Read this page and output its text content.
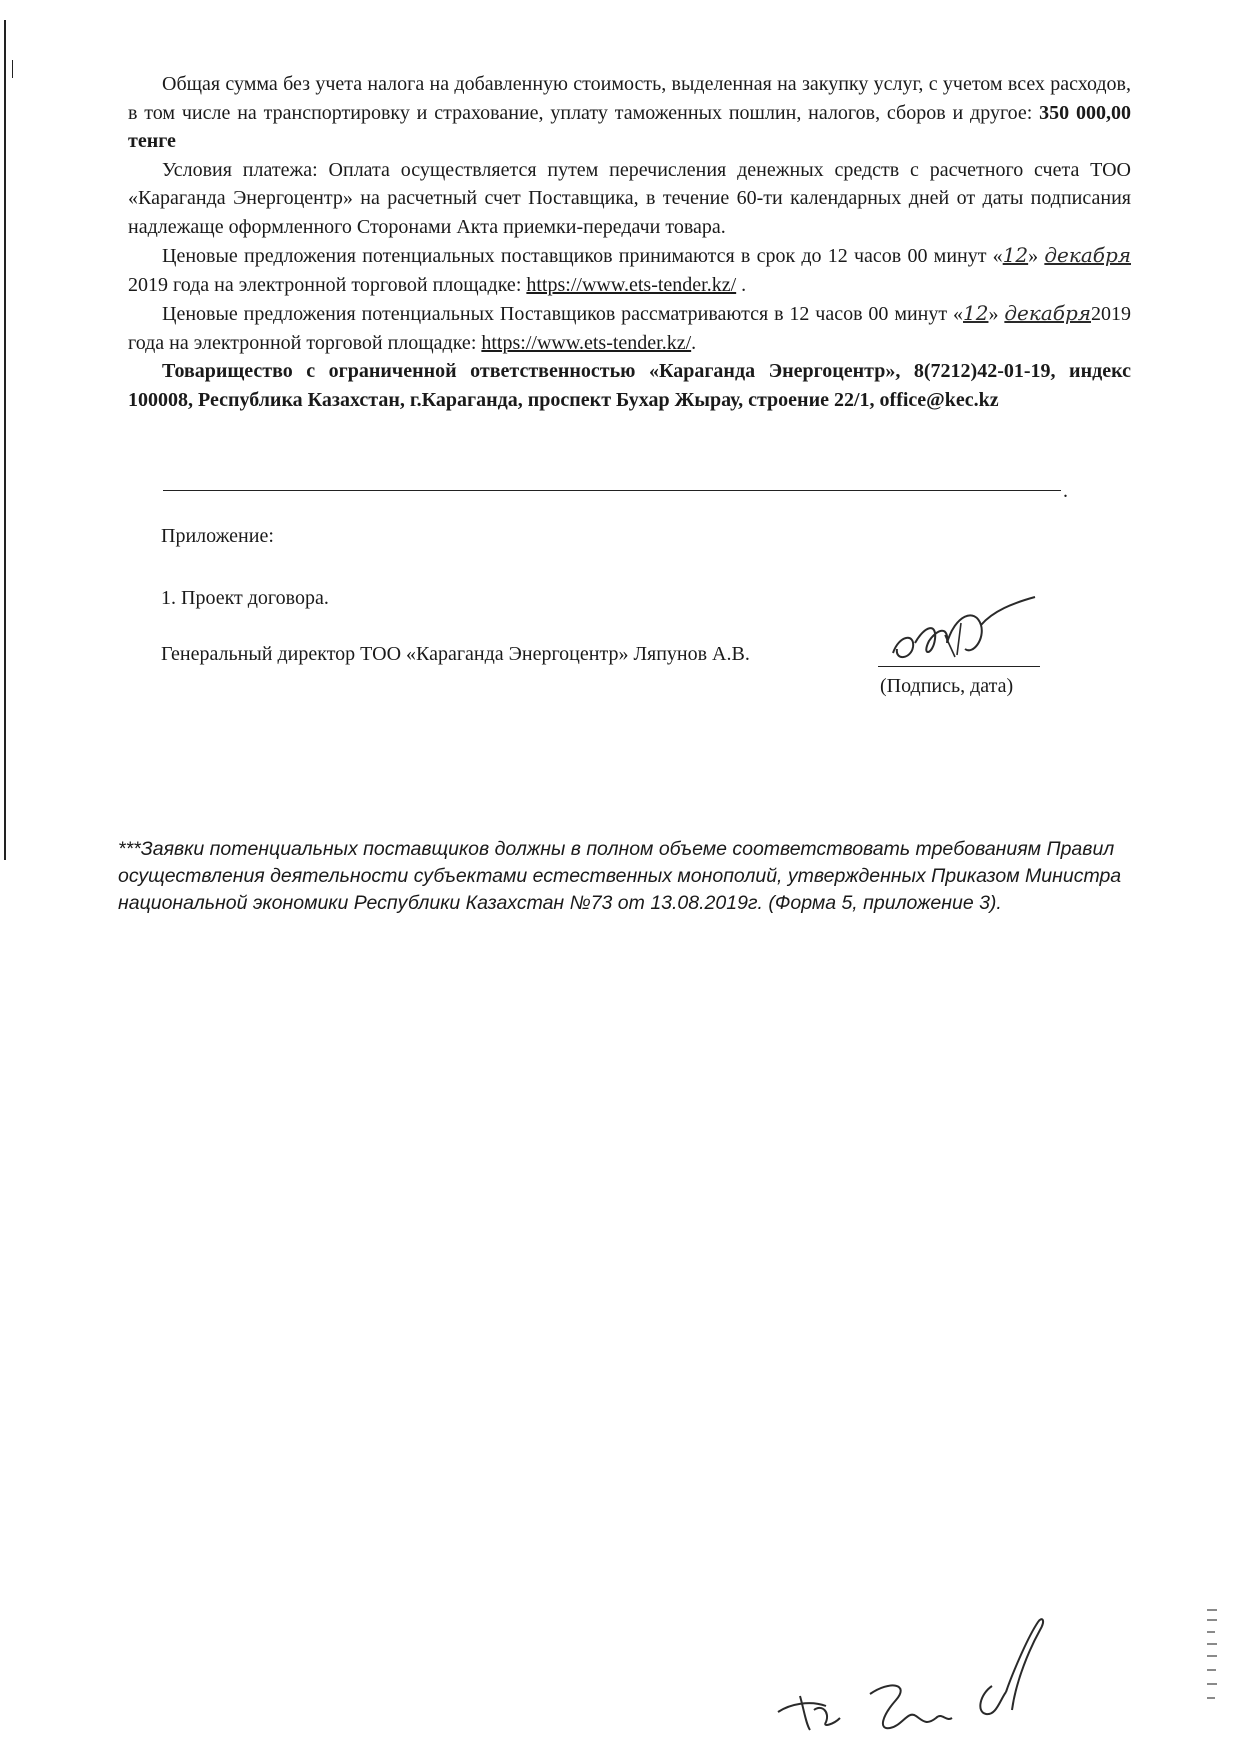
Общая сумма без учета налога на добавленную стоимость, выделенная на закупку услуг, с учетом всех расходов, в том числе на транспортировку и страхование, уплату таможенных пошлин, налогов, сборов и другое: 350 000,00 тенге

Условия платежа: Оплата осуществляется путем перечисления денежных средств с расчетного счета ТОО «Карагандa Энергоцентр» на расчетный счет Поставщика, в течение 60-ти календарных дней от даты подписания надлежаще оформленного Сторонами Акта приемки-передачи товара.

Ценовые предложения потенциальных поставщиков принимаются в срок до 12 часов 00 минут «12» декабря 2019 года на электронной торговой площадке: https://www.ets-tender.kz/ .

Ценовые предложения потенциальных Поставщиков рассматриваются в 12 часов 00 минут «12» декабря2019 года на электронной торговой площадке: https://www.ets-tender.kz/.

Товарищество с ограниченной ответственностью «Караганда Энергоцентр», 8(7212)42-01-19, индекс 100008, Республика Казахстан, г.Караганда, проспект Бухар Жырау, строение 22/1, office@kec.kz

.
Приложение:
1. Проект договора.
Генеральный директор ТОО «Караганда Энергоцентр» Ляпунов А.В.
(Подпись, дата)
***Заявки потенциальных поставщиков должны в полном объеме соответствовать требованиям Правил осуществления деятельности субъектами естественных монополий, утвержденных Приказом Министра национальной экономики Республики Казахстан №73 от 13.08.2019г. (Форма 5, приложение 3).
